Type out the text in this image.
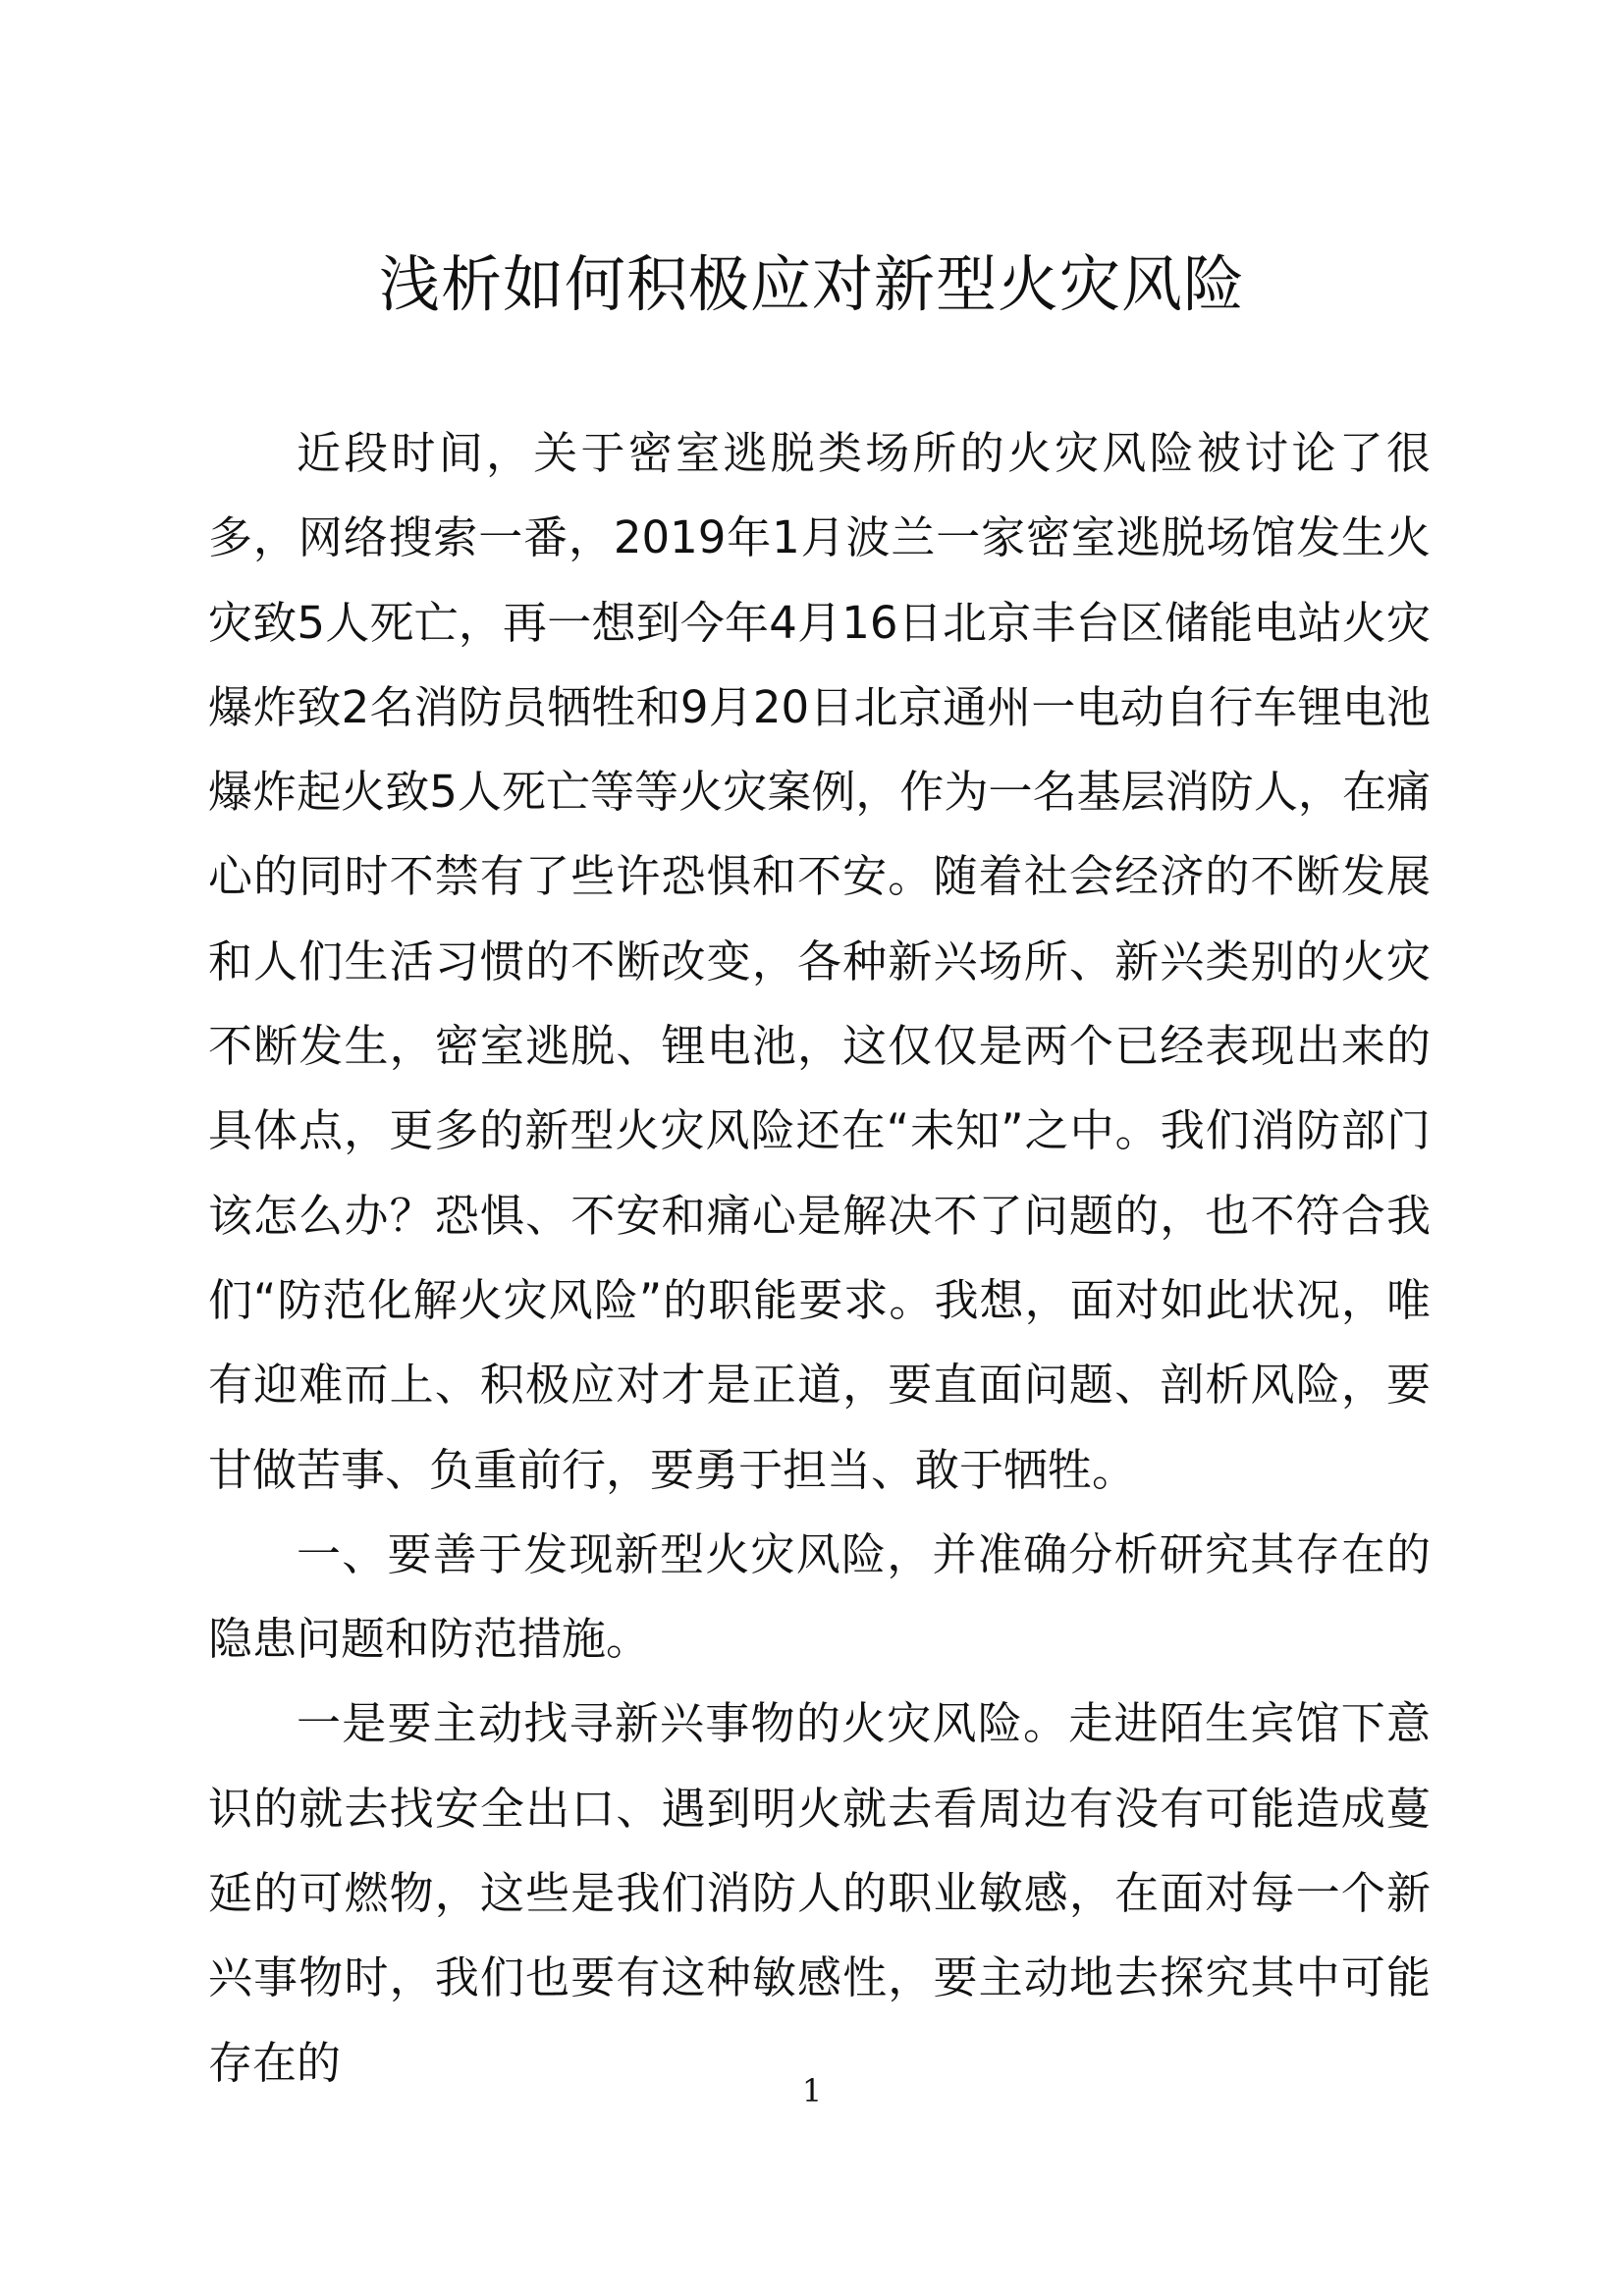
浅析如何积极应对新型火灾风险

近段时间，关于密室逃脱类场所的火灾风险被讨论了很多，网络搜索一番，2019年1月波兰一家密室逃脱场馆发生火灾致5人死亡，再一想到今年4月16日北京丰台区储能电站火灾爆炸致2名消防员牺牲和9月20日北京通州一电动自行车锂电池爆炸起火致5人死亡等等火灾案例，作为一名基层消防人，在痛心的同时不禁有了些许恐惧和不安。随着社会经济的不断发展和人们生活习惯的不断改变，各种新兴场所、新兴类别的火灾不断发生，密室逃脱、锂电池，这仅仅是两个已经表现出来的具体点，更多的新型火灾风险还在“未知”之中。我们消防部门该怎么办？恐惧、不安和痛心是解决不了问题的，也不符合我们“防范化解火灾风险”的职能要求。我想，面对如此状况，唯有迎难而上、积极应对才是正道，要直面问题、剖析风险，要甘做苦事、负重前行，要勇于担当、敢于牺牲。

一、要善于发现新型火灾风险，并准确分析研究其存在的隐患问题和防范措施。

一是要主动找寻新兴事物的火灾风险。走进陌生宾馆下意识的就去找安全出口、遇到明火就去看周边有没有可能造成蔓延的可燃物，这些是我们消防人的职业敏感，在面对每一个新兴事物时，我们也要有这种敏感性，要主动地去探究其中可能存在的

1
